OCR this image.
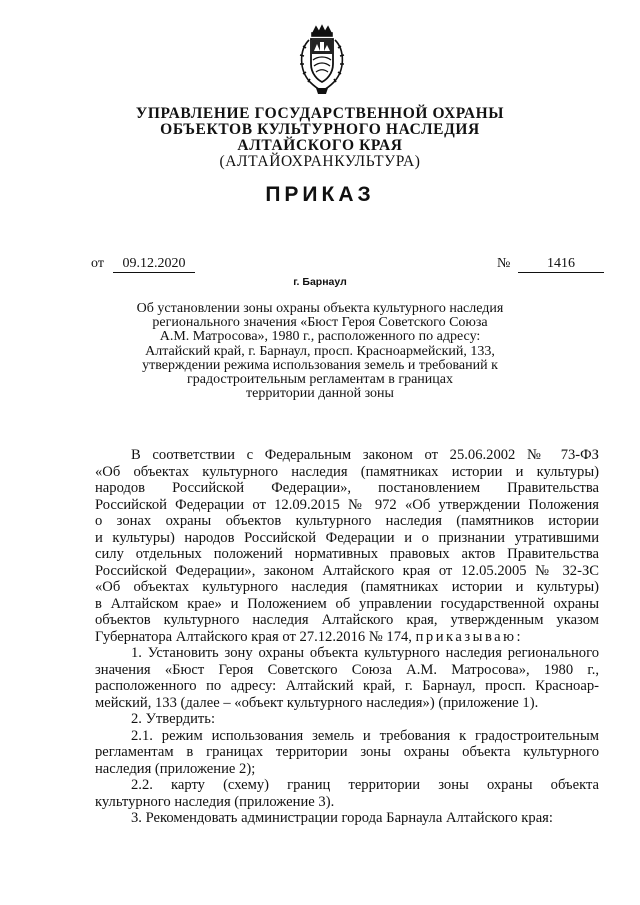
УПРАВЛЕНИЕ ГОСУДАРСТВЕННОЙ ОХРАНЫ
ОБЪЕКТОВ КУЛЬТУРНОГО НАСЛЕДИЯ
АЛТАЙСКОГО КРАЯ
(АЛТАЙОХРАНКУЛЬТУРА)
ПРИКАЗ
от	09.12.2020	№	1416
г. Барнаул
Об установлении зоны охраны объекта культурного наследия
регионального значения «Бюст Героя Советского Союза
А.М. Матросова», 1980 г., расположенного по адресу:
Алтайский край, г. Барнаул, просп. Красноармейский, 133,
утверждении режима использования земель и требований к
градостроительным регламентам в границах
территории данной зоны
В соответствии с Федеральным законом от 25.06.2002 № 73-ФЗ
«Об объектах культурного наследия (памятниках истории и культуры)
народов Российской Федерации», постановлением Правительства
Российской Федерации от 12.09.2015 № 972 «Об утверждении Положения
о зонах охраны объектов культурного наследия (памятников истории
и культуры) народов Российской Федерации и о признании утратившими
силу отдельных положений нормативных правовых актов Правительства
Российской Федерации», законом Алтайского края от 12.05.2005 № 32-ЗС
«Об объектах культурного наследия (памятниках истории и культуры)
в Алтайском крае» и Положением об управлении государственной охраны
объектов культурного наследия Алтайского края, утвержденным указом
Губернатора Алтайского края от 27.12.2016 № 174, приказываю:
1. Установить зону охраны объекта культурного наследия регионального
значения «Бюст Героя Советского Союза А.М. Матросова», 1980 г.,
расположенного по адресу: Алтайский край, г. Барнаул, просп. Красноар-
мейский, 133 (далее – «объект культурного наследия») (приложение 1).
2. Утвердить:
2.1. режим использования земель и требования к градостроительным
регламентам в границах территории зоны охраны объекта культурного
наследия (приложение 2);
2.2. карту (схему) границ территории зоны охраны объекта
культурного наследия (приложение 3).
3. Рекомендовать администрации города Барнаула Алтайского края:
